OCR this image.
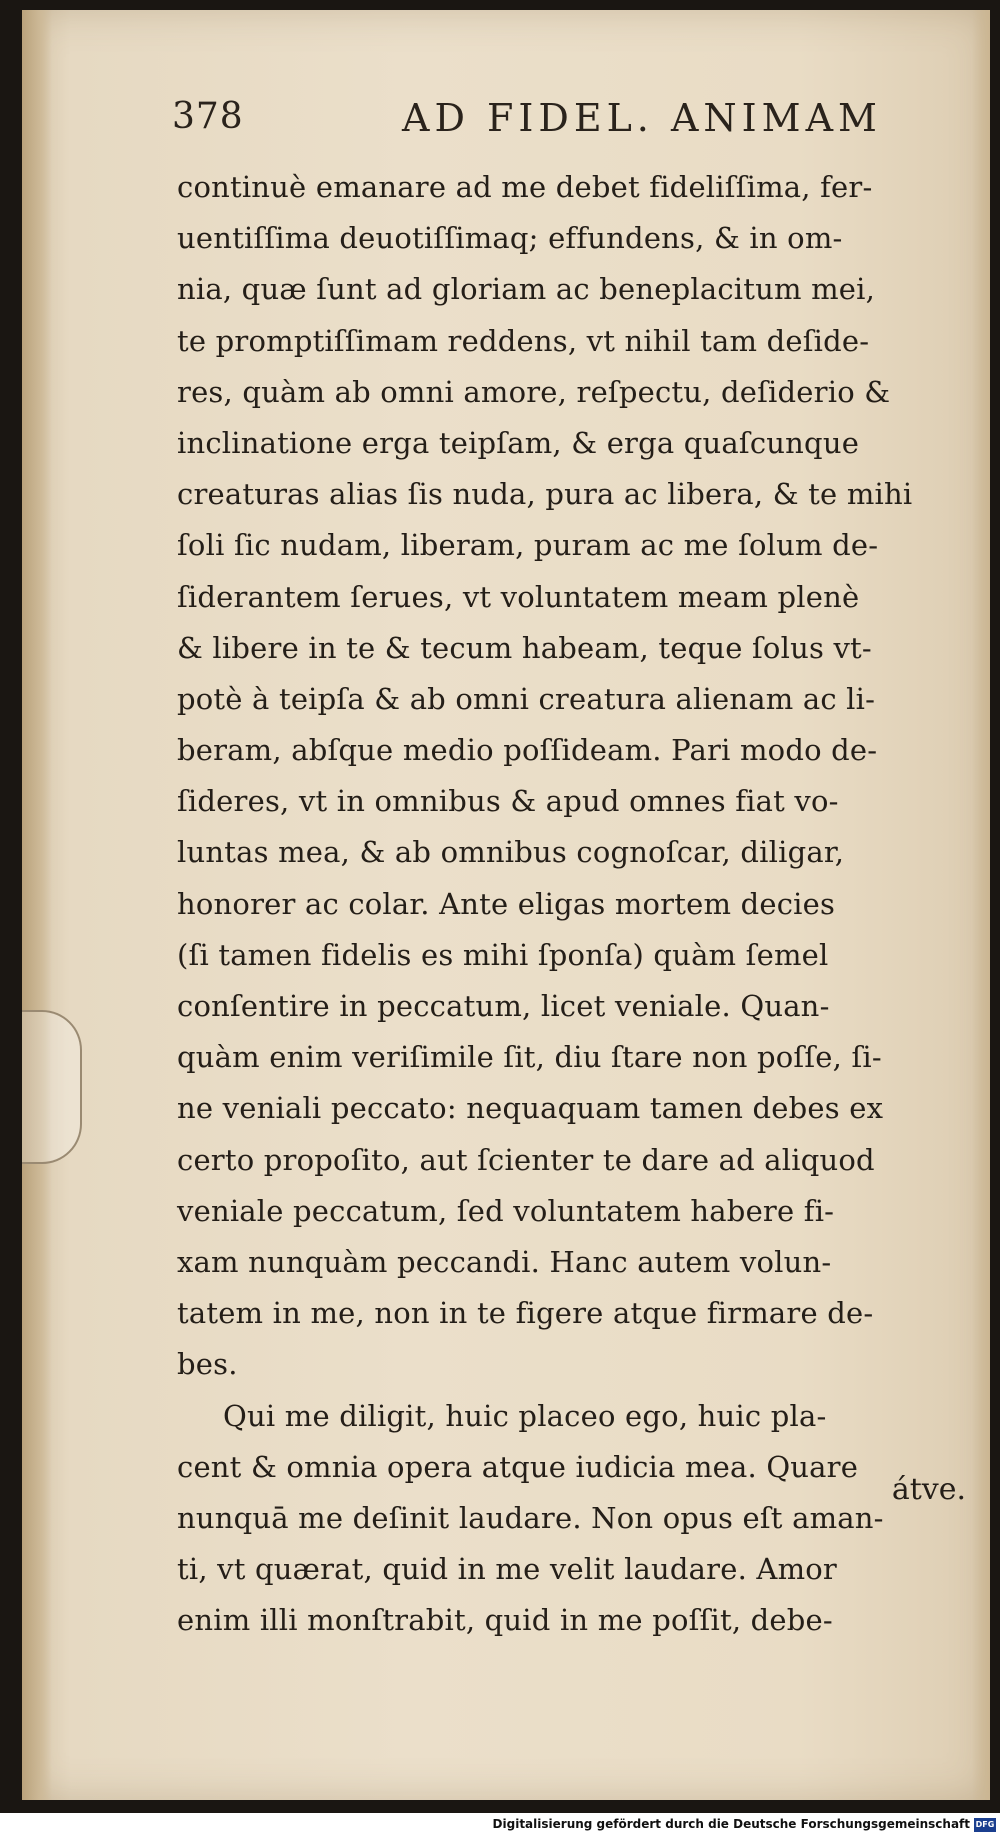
378	AD FIDEL. ANIMAM
continuè emanare ad me debet fideliſſima, fer-
uentiſſima deuotiſſimaq; effundens, & in om-
nia, quæ ſunt ad gloriam ac beneplacitum mei,
te promptiſſimam reddens, vt nihil tam deſide-
res, quàm ab omni amore, reſpectu, deſiderio &
inclinatione erga teipſam, & erga quaſcunque
creaturas alias ſis nuda, pura ac libera, & te mihi
ſoli ſic nudam, liberam, puram ac me ſolum de-
ſiderantem ſerues, vt voluntatem meam plenè
& libere in te & tecum habeam, teque ſolus vt-
potè à teipſa & ab omni creatura alienam ac li-
beram, abſque medio poſſideam. Pari modo de-
ſideres, vt in omnibus & apud omnes fiat vo-
luntas mea, & ab omnibus cognoſcar, diligar,
honorer ac colar. Ante eligas mortem decies
(ſi tamen fidelis es mihi ſponſa) quàm ſemel
conſentire in peccatum, licet veniale. Quan-
quàm enim veriſimile ſit, diu ſtare non poſſe, ſi-
ne veniali peccato: nequaquam tamen debes ex
certo propoſito, aut ſcienter te dare ad aliquod
veniale peccatum, ſed voluntatem habere fi-
xam nunquàm peccandi. Hanc autem volun-
tatem in me, non in te figere atque firmare de-
bes.
Qui me diligit, huic placeo ego, huic pla-
cent & omnia opera atque iudicia mea. Quare
nunquā me deſinit laudare. Non opus eſt aman-
ti, vt quærat, quid in me velit laudare. Amor
enim illi monſtrabit, quid in me poſſit, debe-
átve.
Digitalisierung gefördert durch die Deutsche Forschungsgemeinschaft DFG
